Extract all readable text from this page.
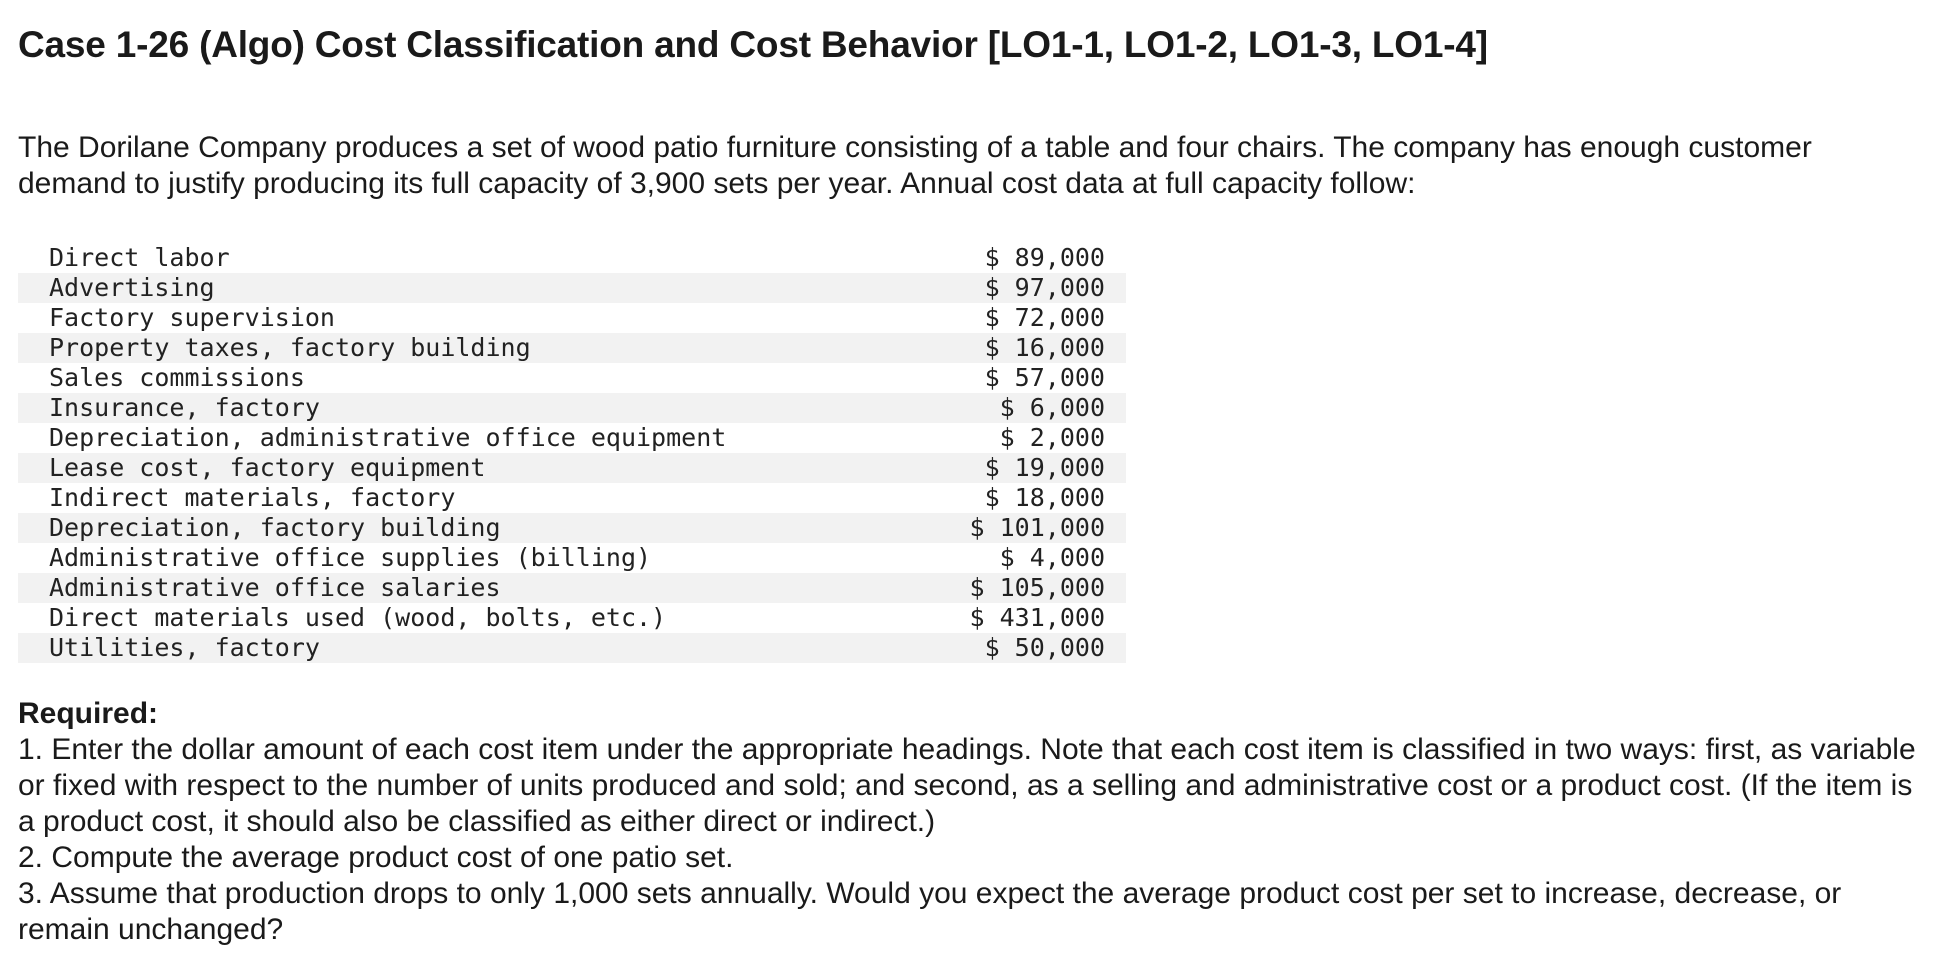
Case 1-26 (Algo) Cost Classification and Cost Behavior [LO1-1, LO1-2, LO1-3, LO1-4]

The Dorilane Company produces a set of wood patio furniture consisting of a table and four chairs. The company has enough customer demand to justify producing its full capacity of 3,900 sets per year. Annual cost data at full capacity follow:

Direct labor	$ 89,000
Advertising	$ 97,000
Factory supervision	$ 72,000
Property taxes, factory building	$ 16,000
Sales commissions	$ 57,000
Insurance, factory	$ 6,000
Depreciation, administrative office equipment	$ 2,000
Lease cost, factory equipment	$ 19,000
Indirect materials, factory	$ 18,000
Depreciation, factory building	$ 101,000
Administrative office supplies (billing)	$ 4,000
Administrative office salaries	$ 105,000
Direct materials used (wood, bolts, etc.)	$ 431,000
Utilities, factory	$ 50,000

Required:

1. Enter the dollar amount of each cost item under the appropriate headings. Note that each cost item is classified in two ways: first, as variable or fixed with respect to the number of units produced and sold; and second, as a selling and administrative cost or a product cost. (If the item is a product cost, it should also be classified as either direct or indirect.)

2. Compute the average product cost of one patio set.

3. Assume that production drops to only 1,000 sets annually. Would you expect the average product cost per set to increase, decrease, or remain unchanged?
